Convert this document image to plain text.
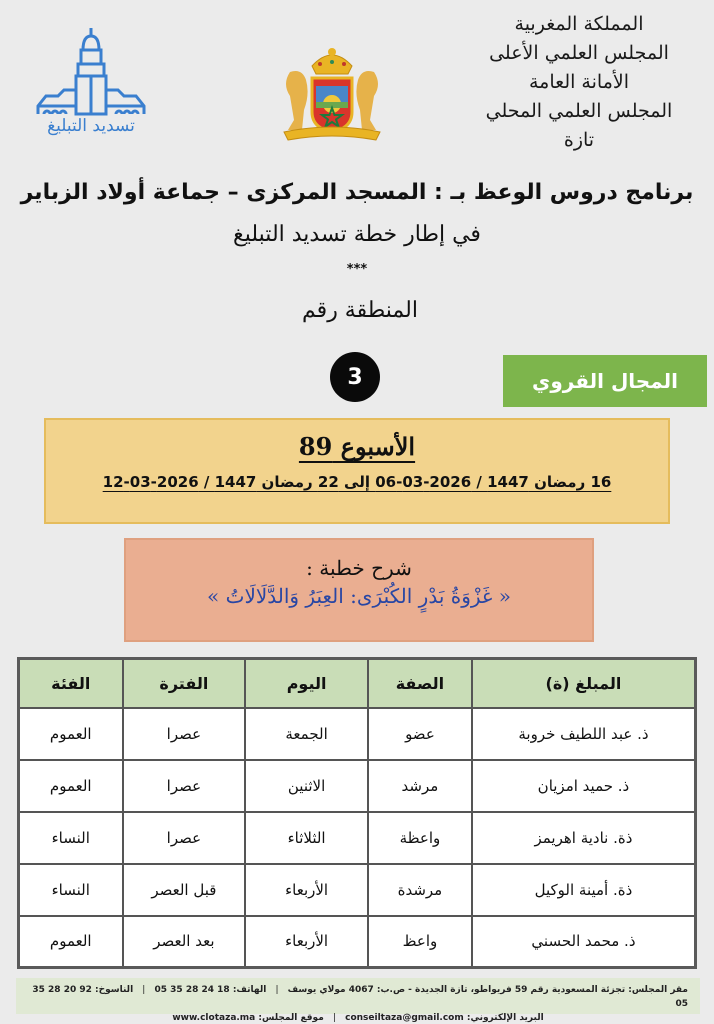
المملكة المغربية
المجلس العلمي الأعلى
الأمانة العامة
المجلس العلمي المحلي
تازة
تسديد التبليغ
برنامج دروس الوعظ بـ : المسجد المركزى – جماعة أولاد الزباير
في إطار خطة تسديد التبليغ
***
المنطقة رقم
3	المجال القروي
الأسبوع 89
16 رمضان 1447 / 2026-03-06 إلى 22 رمضان 1447 / 2026-03-12
شرح خطبة :
« غَزْوَةُ بَدْرٍ الكُبْرَى: العِبَرُ وَالدَّلَالَاتُ »
المبلغ (ة)	الصفة	اليوم	الفترة	الفئة
ذ. عبد اللطيف خروبة	عضو	الجمعة	عصرا	العموم
ذ. حميد امزيان	مرشد	الاثنين	عصرا	العموم
ذة. نادية اهريمز	واعظة	الثلاثاء	عصرا	النساء
ذة. أمينة الوكيل	مرشدة	الأربعاء	قبل العصر	النساء
ذ. محمد الحسني	واعظ	الأربعاء	بعد العصر	العموم
مقر المجلس: تجزئة المسعودية رقم 59 فريواطو، تازة الجديدة - ص.ب: 4067 مولاي يوسف | الهاتف: 18 24 28 35 05 | الناسوخ: 92 20 28 35 05
البريد الإلكتروني: conseiltaza@gmail.com | موقع المجلس: www.clotaza.ma
